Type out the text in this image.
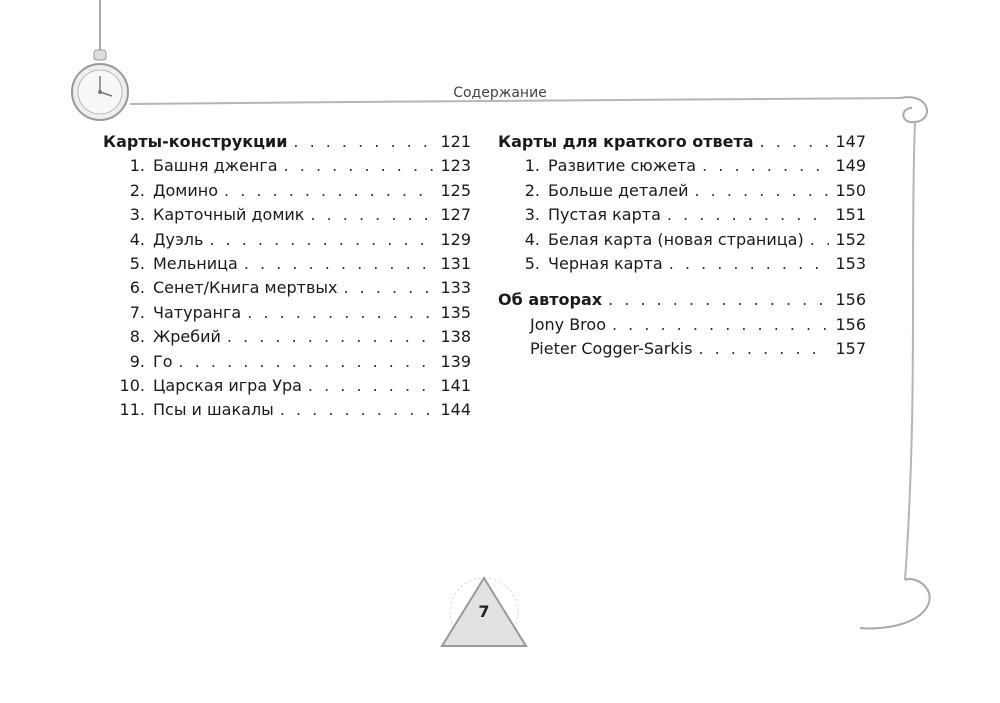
Содержание
Карты-конструкции . . .	121
1. Башня дженга . . .	123
2. Домино . . .	125
3. Карточный домик . . .	127
4. Дуэль . . .	129
5. Мельница . . .	131
6. Сенет/Книга мертвых . . .	133
7. Чатуранга . . .	135
8. Жребий . . .	138
9. Го . . .	139
10. Царская игра Ура . . .	141
11. Псы и шакалы . . .	144
Карты для краткого ответа . . .	147
1. Развитие сюжета . . .	149
2. Больше деталей . . .	150
3. Пустая карта . . .	151
4. Белая карта (новая страница) . . . 152
5. Черная карта . . .	153
Об авторах . . .	156
Jony Broo . . .	156
Pieter Cogger-Sarkis . . .	157
7
